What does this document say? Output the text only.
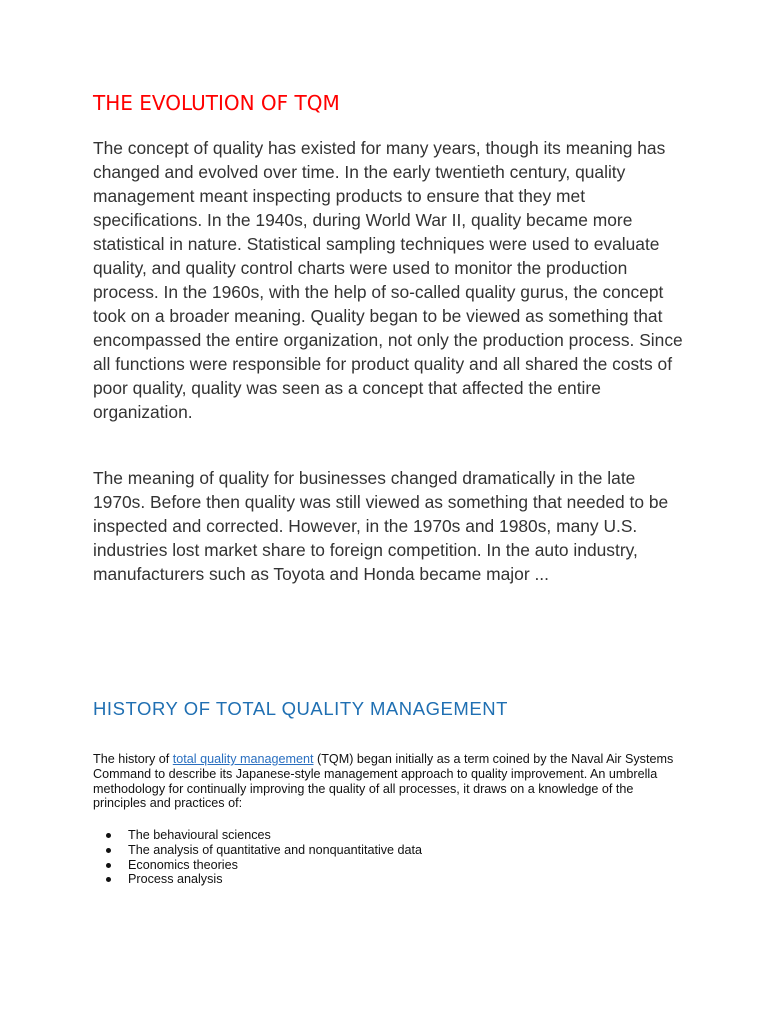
THE EVOLUTION OF TQM

The concept of quality has existed for many years, though its meaning has changed and evolved over time. In the early twentieth century, quality management meant inspecting products to ensure that they met specifications. In the 1940s, during World War II, quality became more statistical in nature. Statistical sampling techniques were used to evaluate quality, and quality control charts were used to monitor the production process. In the 1960s, with the help of so-called quality gurus, the concept took on a broader meaning. Quality began to be viewed as something that encompassed the entire organization, not only the production process. Since all functions were responsible for product quality and all shared the costs of poor quality, quality was seen as a concept that affected the entire organization.

The meaning of quality for businesses changed dramatically in the late 1970s. Before then quality was still viewed as something that needed to be inspected and corrected. However, in the 1970s and 1980s, many U.S. industries lost market share to foreign competition. In the auto industry, manufacturers such as Toyota and Honda became major ...

HISTORY OF TOTAL QUALITY MANAGEMENT

The history of total quality management (TQM) began initially as a term coined by the Naval Air Systems Command to describe its Japanese-style management approach to quality improvement. An umbrella methodology for continually improving the quality of all processes, it draws on a knowledge of the principles and practices of:

The behavioural sciences
The analysis of quantitative and nonquantitative data
Economics theories
Process analysis
